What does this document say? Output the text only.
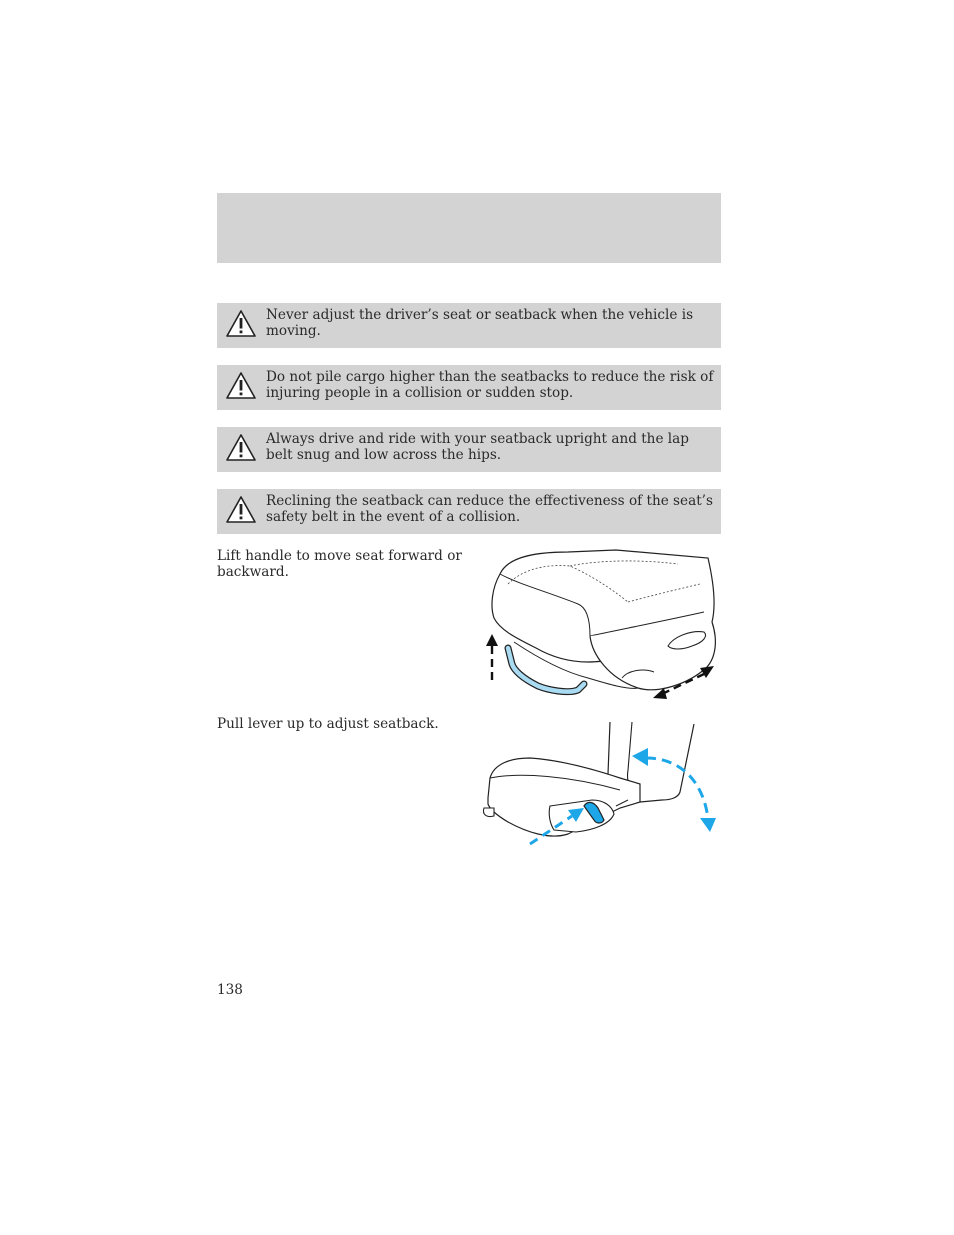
Never adjust the driver’s seat or seatback when the vehicle is moving.
Do not pile cargo higher than the seatbacks to reduce the risk of injuring people in a collision or sudden stop.
Always drive and ride with your seatback upright and the lap belt snug and low across the hips.
Reclining the seatback can reduce the effectiveness of the seat’s safety belt in the event of a collision.
Lift handle to move seat forward or backward.
Pull lever up to adjust seatback.
138
